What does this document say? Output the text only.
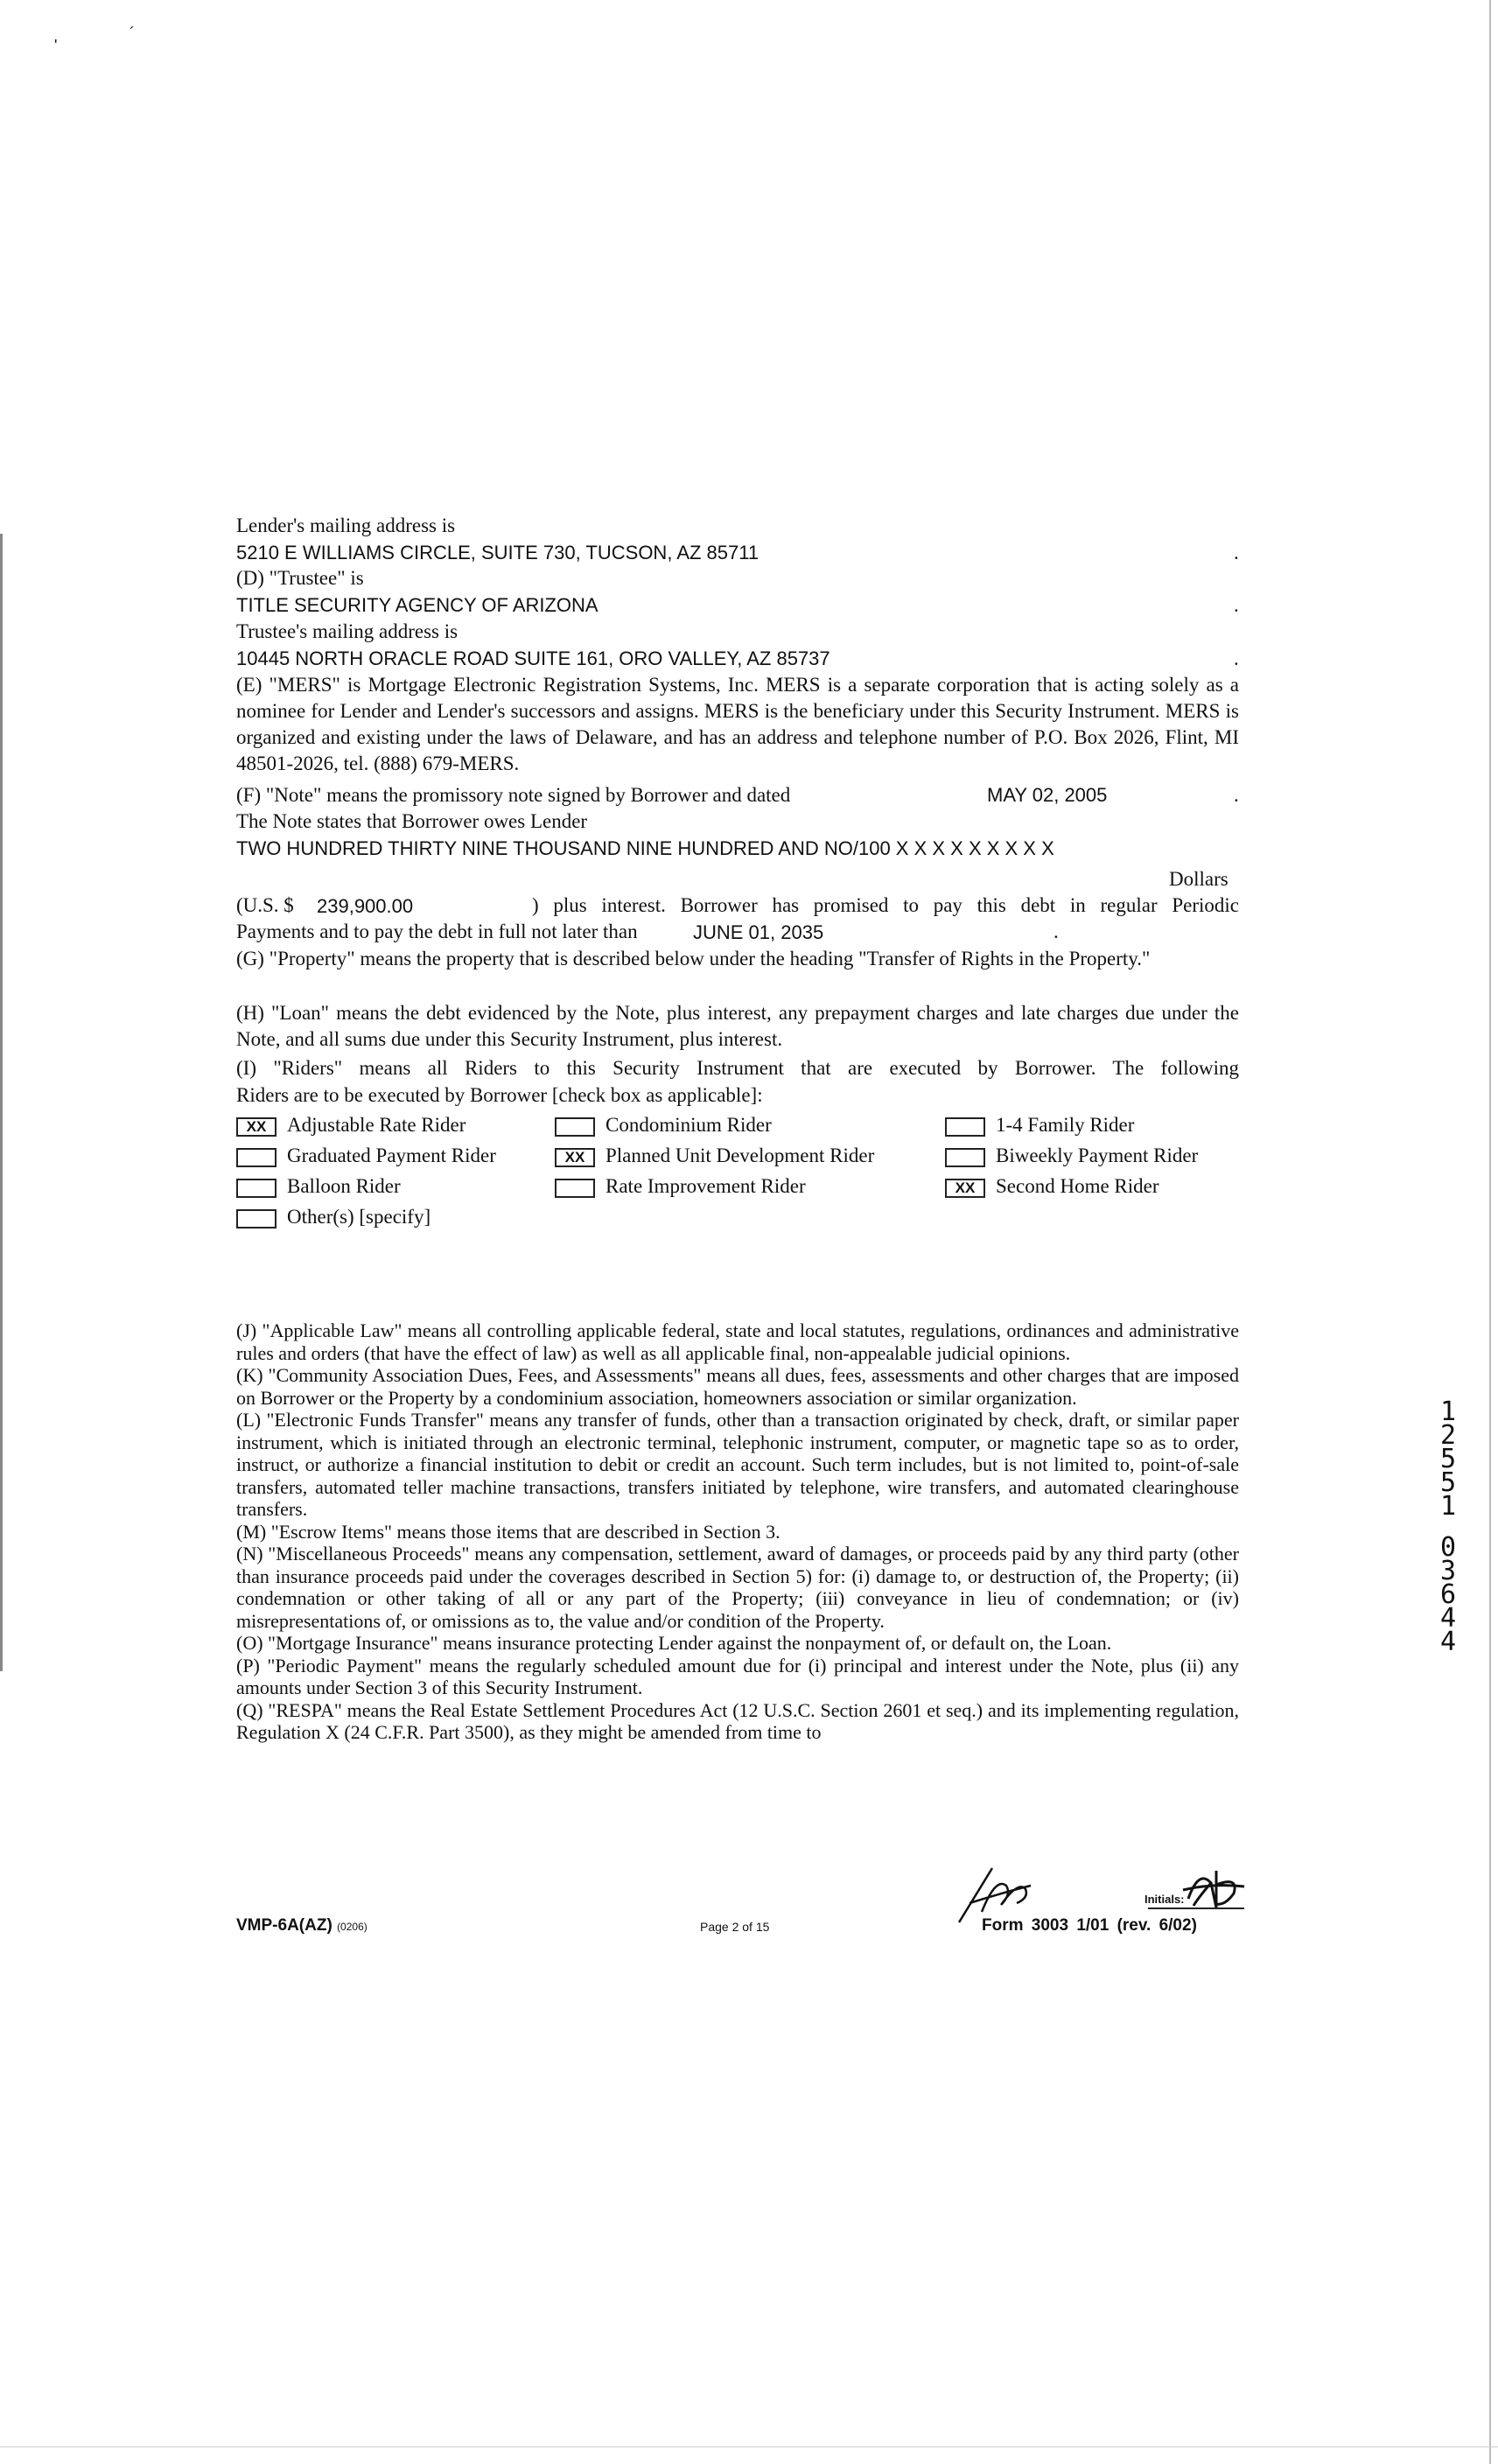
'
´
Lender's mailing address is
5210 E WILLIAMS CIRCLE, SUITE 730, TUCSON, AZ 85711	.
(D) "Trustee" is
TITLE SECURITY AGENCY OF ARIZONA	.
Trustee's mailing address is
10445 NORTH ORACLE ROAD SUITE 161, ORO VALLEY, AZ 85737	.
(E) "MERS" is Mortgage Electronic Registration Systems, Inc. MERS is a separate corporation that is acting solely as a nominee for Lender and Lender's successors and assigns. MERS is the beneficiary under this Security Instrument. MERS is organized and existing under the laws of Delaware, and has an address and telephone number of P.O. Box 2026, Flint, MI 48501-2026, tel. (888) 679-MERS.
(F) "Note" means the promissory note signed by Borrower and dated	MAY 02, 2005	.
The Note states that Borrower owes Lender
TWO HUNDRED THIRTY NINE THOUSAND NINE HUNDRED AND NO/100 X X X X X X X X X
Dollars
(U.S. $ 239,900.00	) plus interest. Borrower has promised to pay this debt in regular Periodic
Payments and to pay the debt in full not later than	JUNE 01, 2035	.
(G) "Property" means the property that is described below under the heading "Transfer of Rights in the Property."
(H) "Loan" means the debt evidenced by the Note, plus interest, any prepayment charges and late charges due under the Note, and all sums due under this Security Instrument, plus interest.
(I) "Riders" means all Riders to this Security Instrument that are executed by Borrower. The following
Riders are to be executed by Borrower [check box as applicable]:
XX Adjustable Rate Rider	Condominium Rider	1-4 Family Rider
Graduated Payment Rider	XX Planned Unit Development Rider	Biweekly Payment Rider
Balloon Rider	Rate Improvement Rider	XX Second Home Rider
Other(s) [specify]

(J) "Applicable Law" means all controlling applicable federal, state and local statutes, regulations, ordinances and administrative rules and orders (that have the effect of law) as well as all applicable final, non-appealable judicial opinions.

(K) "Community Association Dues, Fees, and Assessments" means all dues, fees, assessments and other charges that are imposed on Borrower or the Property by a condominium association, homeowners association or similar organization.

(L) "Electronic Funds Transfer" means any transfer of funds, other than a transaction originated by check, draft, or similar paper instrument, which is initiated through an electronic terminal, telephonic instrument, computer, or magnetic tape so as to order, instruct, or authorize a financial institution to debit or credit an account. Such term includes, but is not limited to, point-of-sale transfers, automated teller machine transactions, transfers initiated by telephone, wire transfers, and automated clearinghouse transfers.

(M) "Escrow Items" means those items that are described in Section 3.

(N) "Miscellaneous Proceeds" means any compensation, settlement, award of damages, or proceeds paid by any third party (other than insurance proceeds paid under the coverages described in Section 5) for: (i) damage to, or destruction of, the Property; (ii) condemnation or other taking of all or any part of the Property; (iii) conveyance in lieu of condemnation; or (iv) misrepresentations of, or omissions as to, the value and/or condition of the Property.

(O) "Mortgage Insurance" means insurance protecting Lender against the nonpayment of, or default on, the Loan.

(P) "Periodic Payment" means the regularly scheduled amount due for (i) principal and interest under the Note, plus (ii) any amounts under Section 3 of this Security Instrument.

(Q) "RESPA" means the Real Estate Settlement Procedures Act (12 U.S.C. Section 2601 et seq.) and its implementing regulation, Regulation X (24 C.F.R. Part 3500), as they might be amended from time to

1
2
5
5
1
0
3
6
4
4
VMP-6A(AZ) (0206)	Page 2 of 15
Initials:
Form 3003 1/01 (rev. 6/02)
